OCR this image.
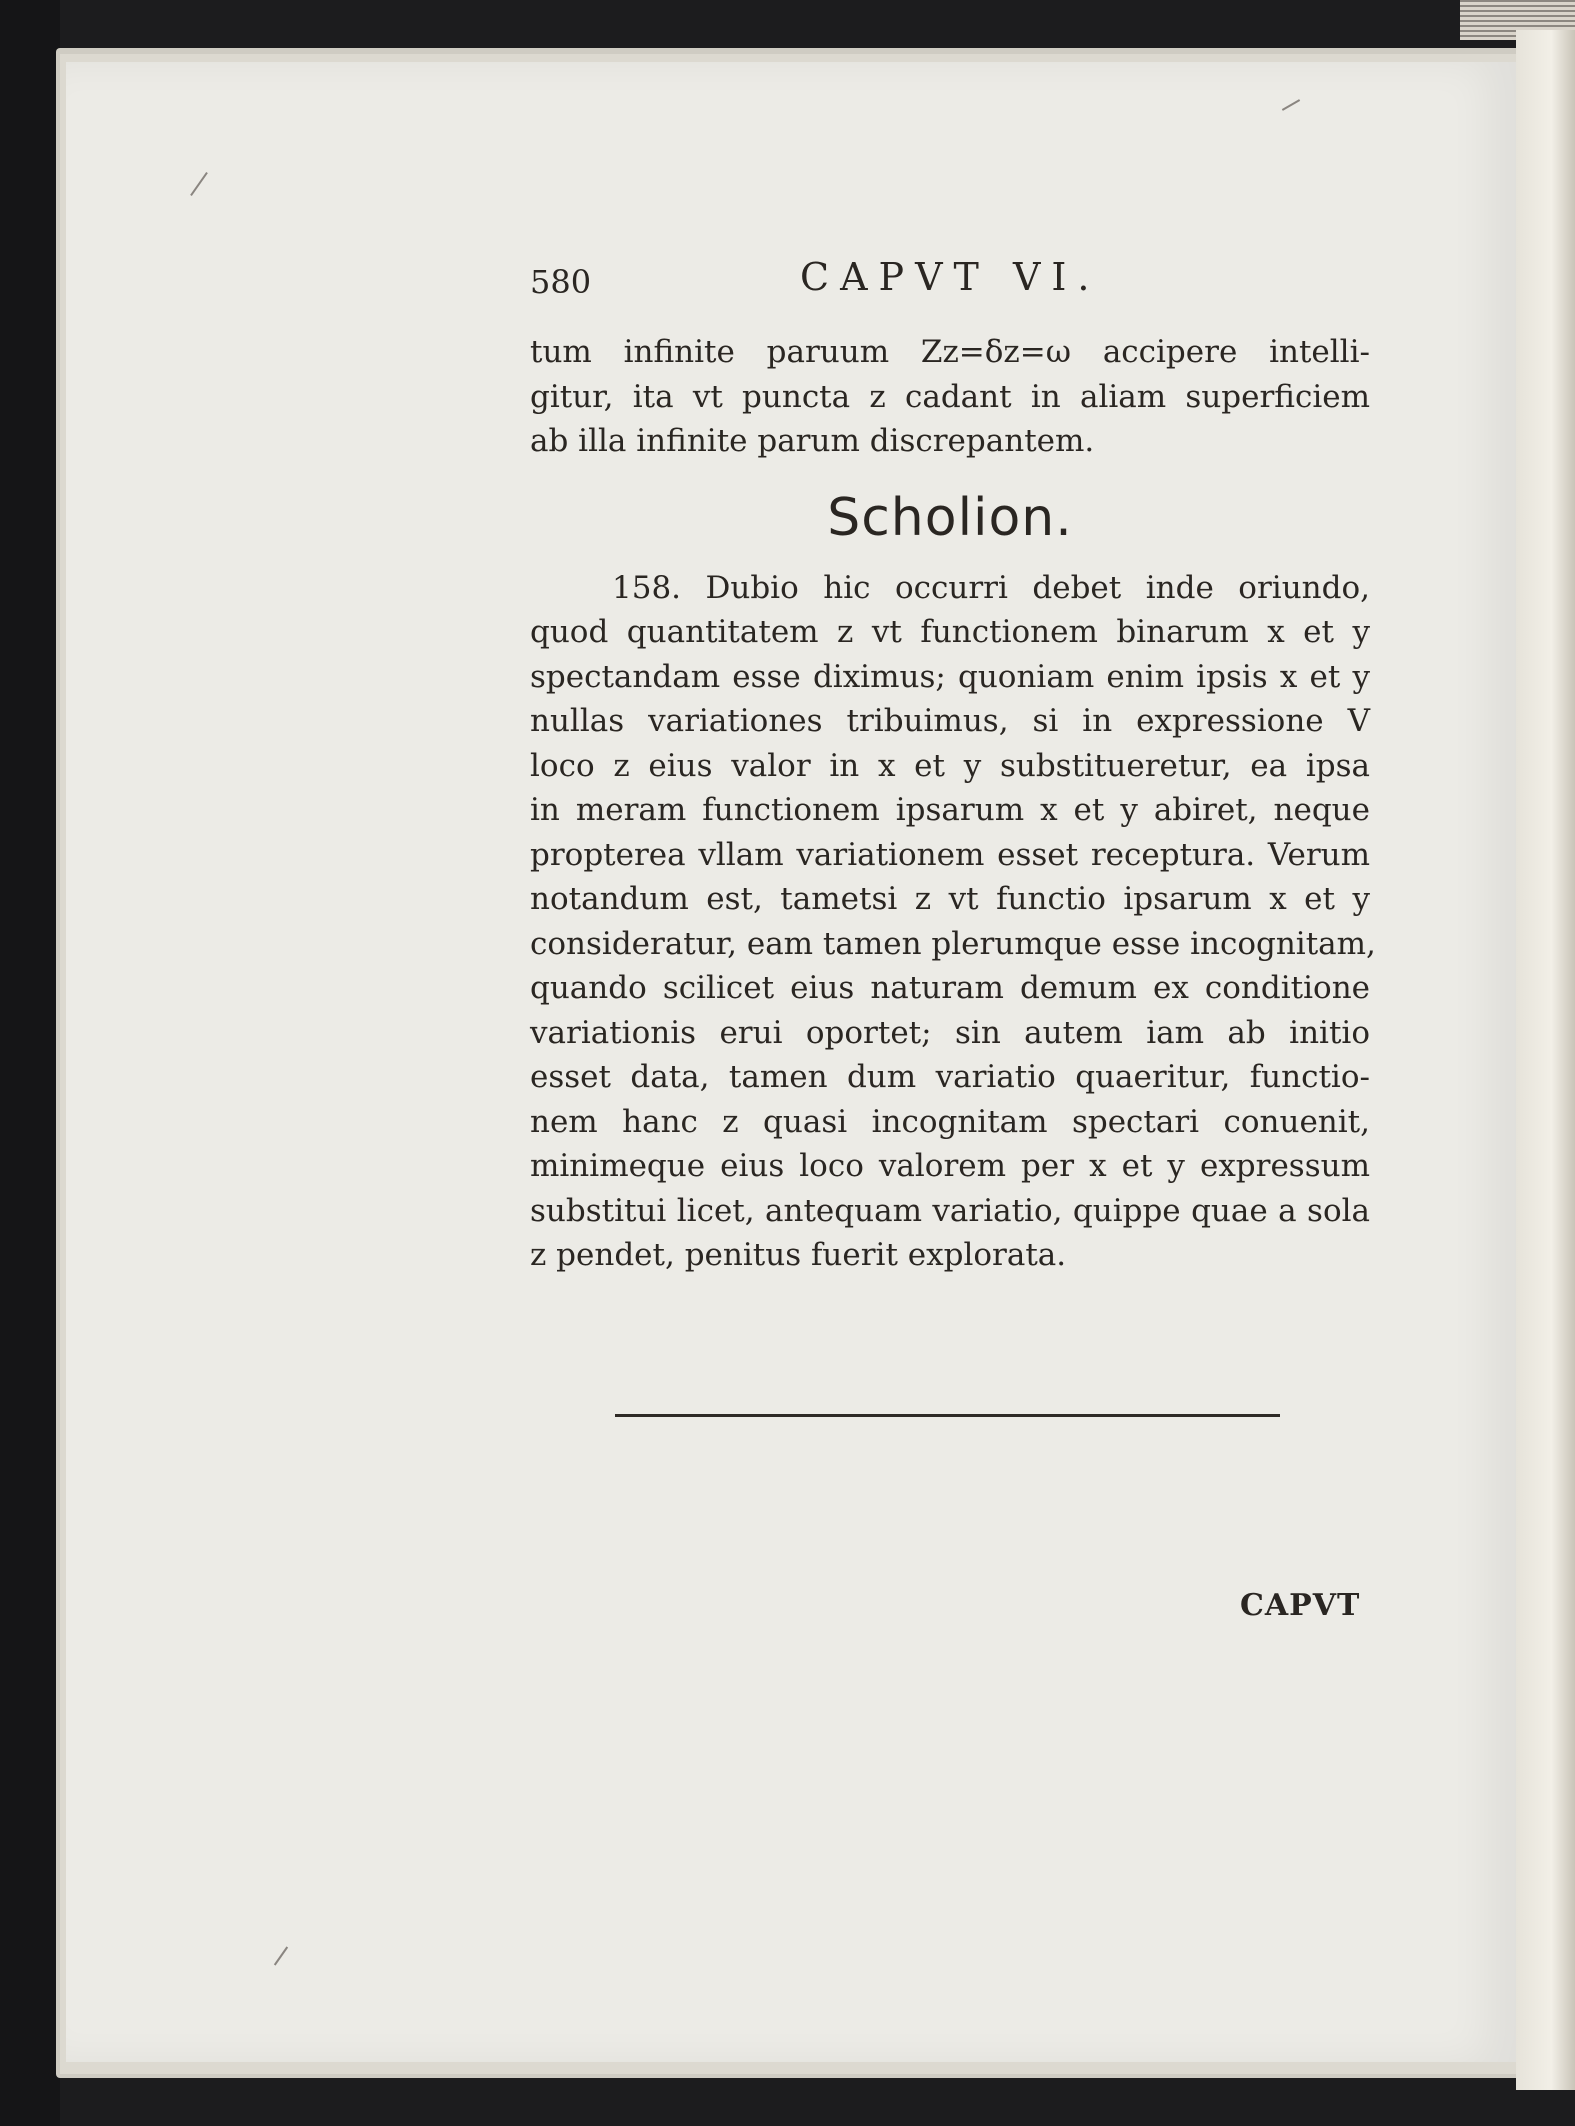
580	CAPVT VI.
tum infinite paruum Zz=δz=ω accipere intelli-
gitur, ita vt puncta z cadant in aliam superficiem
ab illa infinite parum discrepantem.
Scholion.
158. Dubio hic occurri debet inde oriundo,
quod quantitatem z vt functionem binarum x et y
spectandam esse diximus; quoniam enim ipsis x et y
nullas variationes tribuimus, si in expressione V
loco z eius valor in x et y substitueretur, ea ipsa
in meram functionem ipsarum x et y abiret, neque
propterea vllam variationem esset receptura. Verum
notandum est, tametsi z vt functio ipsarum x et y
consideratur, eam tamen plerumque esse incognitam,
quando scilicet eius naturam demum ex conditione
variationis erui oportet; sin autem iam ab initio
esset data, tamen dum variatio quaeritur, functio-
nem hanc z quasi incognitam spectari conuenit,
minimeque eius loco valorem per x et y expressum
substitui licet, antequam variatio, quippe quae a sola
z pendet, penitus fuerit explorata.
CAPVT
